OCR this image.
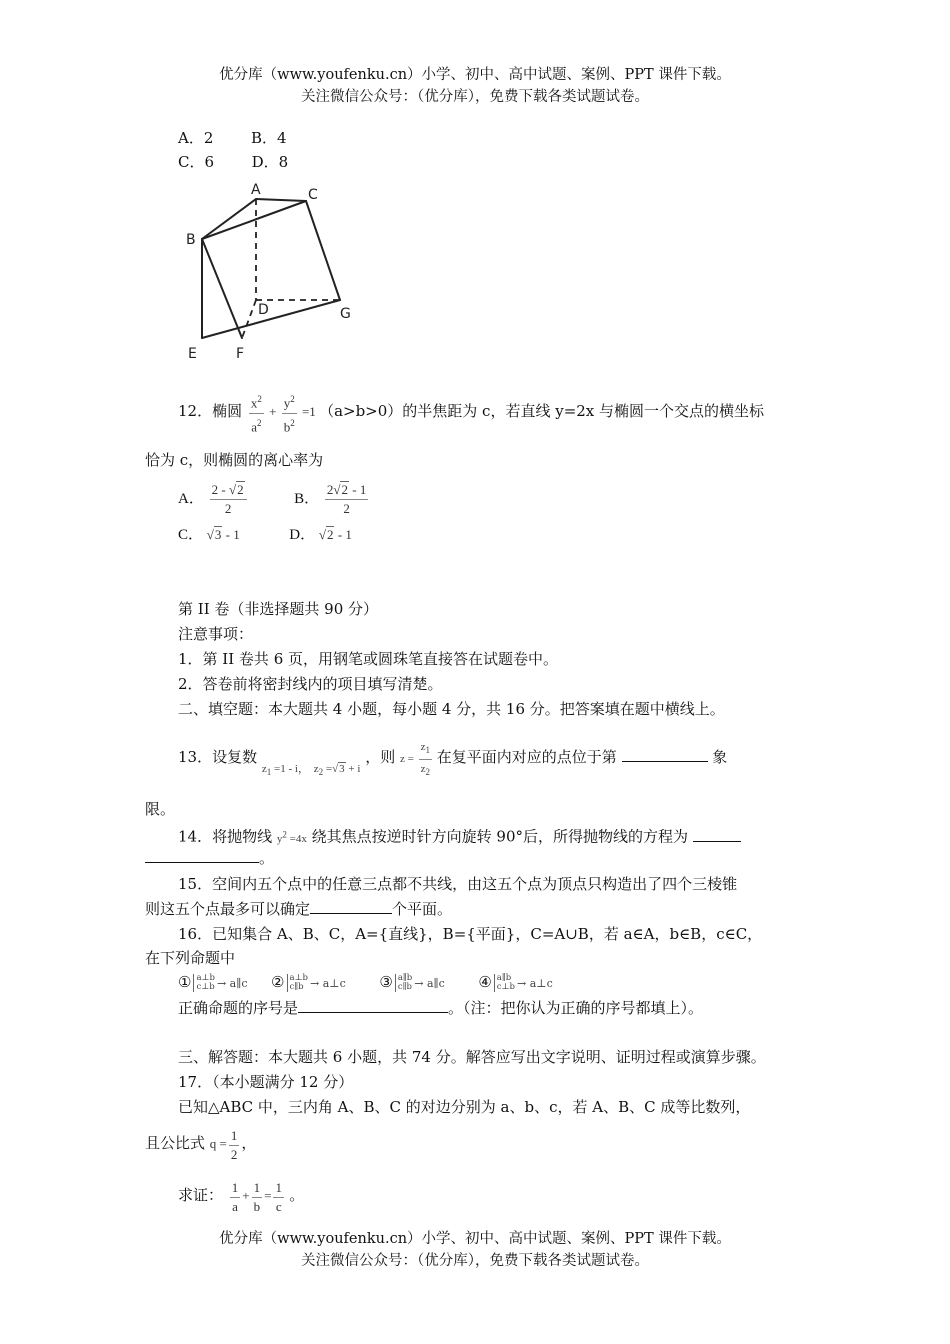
优分库（www.youfenku.cn）小学、初中、高中试题、案例、PPT 课件下载。
关注微信公众号：（优分库），免费下载各类试题试卷。
A．2	B．4
C．6	D．8
A	C
B
D	G
E	F
12．椭圆 $\frac{x^2}{a^2} + \frac{y^2}{b^2} =1$ （a>b>0）的半焦距为 c，若直线 y=2x 与椭圆一个交点的横坐标
恰为 c，则椭圆的离心率为
A． $\frac{2 - √2}{2}$	B． $\frac{2√2 - 1}{2}$
C． √3 - 1	D． √2 - 1
第 II 卷（非选择题共 90 分）
注意事项：
1．第 II 卷共 6 页，用钢笔或圆珠笔直接答在试题卷中。
2．答卷前将密封线内的项目填写清楚。
二、填空题：本大题共 4 小题，每小题 4 分，共 16 分。把答案填在题中横线上。
13．设复数 $_{z_1 =1 - i,}$ $_{z_2 =√3 + i}$ ，则 $z = \frac{z_1}{z_2}$ 在复平面内对应的点位于第	象
限。
14．将抛物线 $y^2 =4x$ 绕其焦点按逆时针方向旋转 90°后，所得抛物线的方程为
。
15．空间内五个点中的任意三点都不共线，由这五个点为顶点只构造出了四个三棱锥
则这五个点最多可以确定	个平面。
16．已知集合 A、B、C，A={直线}，B={平面}，C=A∪B，若 a∈A，b∈B，c∈C，
在下列命题中
① a⊥b
c⊥b → a∥c ② a⊥b
c∥b → a⊥c ③ a∥b
c∥b → a∥c ④ a∥b
c⊥b → a⊥c
正确命题的序号是	。（注：把你认为正确的序号都填上）。
三、解答题：本大题共 6 小题，共 74 分。解答应写出文字说明、证明过程或演算步骤。
17．（本小题满分 12 分）
已知△ABC 中，三内角 A、B、C 的对边分别为 a、b、c，若 A、B、C 成等比数列，
且公比式 $q = \frac{1}{2}$ ，
求证： $\frac{1}{a} + \frac{1}{b} = \frac{1}{c}$ 。
优分库（www.youfenku.cn）小学、初中、高中试题、案例、PPT 课件下载。
关注微信公众号：（优分库），免费下载各类试题试卷。
